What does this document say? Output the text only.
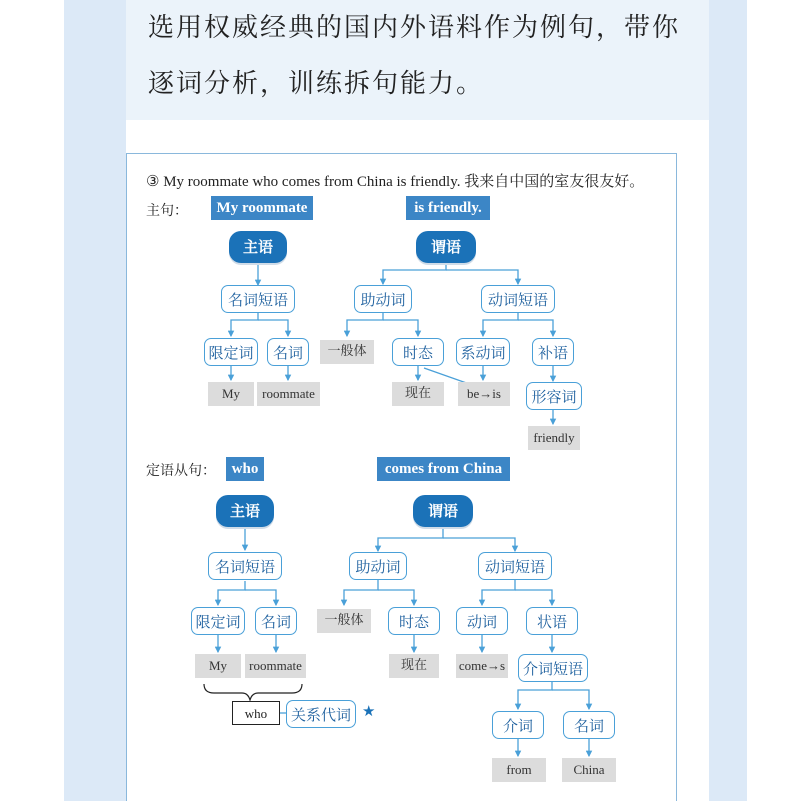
选用权威经典的国内外语料作为例句，带你逐词分析，训练拆句能力。
③ My roommate who comes from China is friendly. 我来自中国的室友很友好。
主句：	My roommate	is friendly.
主语	谓语
名词短语
限定词	名词
My	roommate
助动词	动词短语
一般体	时态	系动词	补语
现在	be→is	形容词
friendly
定语从句：	who	comes from China
主语	谓语
名词短语
限定词	名词
My	roommate
who	关系代词 ★
助动词	动词短语
一般体	时态	动词	状语
现在	come→s	介词短语
介词	名词
from	China
